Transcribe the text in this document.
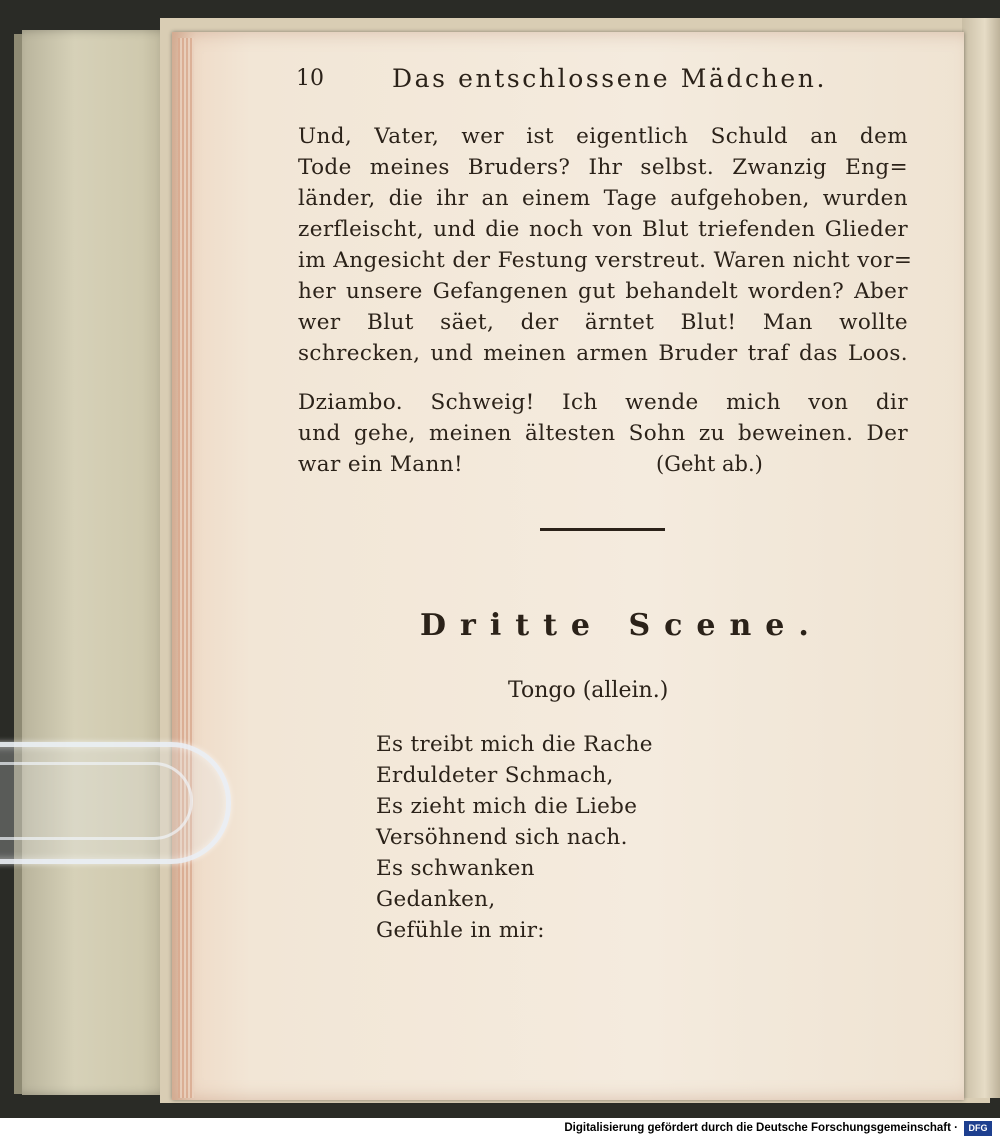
10	Das entschlossene Mädchen.
Und, Vater, wer ist eigentlich Schuld an dem
Tode meines Bruders? Ihr selbst. Zwanzig Eng=
länder, die ihr an einem Tage aufgehoben, wurden
zerfleischt, und die noch von Blut triefenden Glieder
im Angesicht der Festung verstreut. Waren nicht vor=
her unsere Gefangenen gut behandelt worden? Aber
wer Blut säet, der ärntet Blut! Man wollte
schrecken, und meinen armen Bruder traf das Loos.
Dziambo. Schweig! Ich wende mich von dir
und gehe, meinen ältesten Sohn zu beweinen. Der
war ein Mann!	(Geht ab.)
Dritte Scene.
Tongo (allein.)
Es treibt mich die Rache
Erduldeter Schmach,
Es zieht mich die Liebe
Versöhnend sich nach.
Es schwanken
Gedanken,
Gefühle in mir:
Digitalisierung gefördert durch die Deutsche Forschungsgemeinschaft ·	DFG
